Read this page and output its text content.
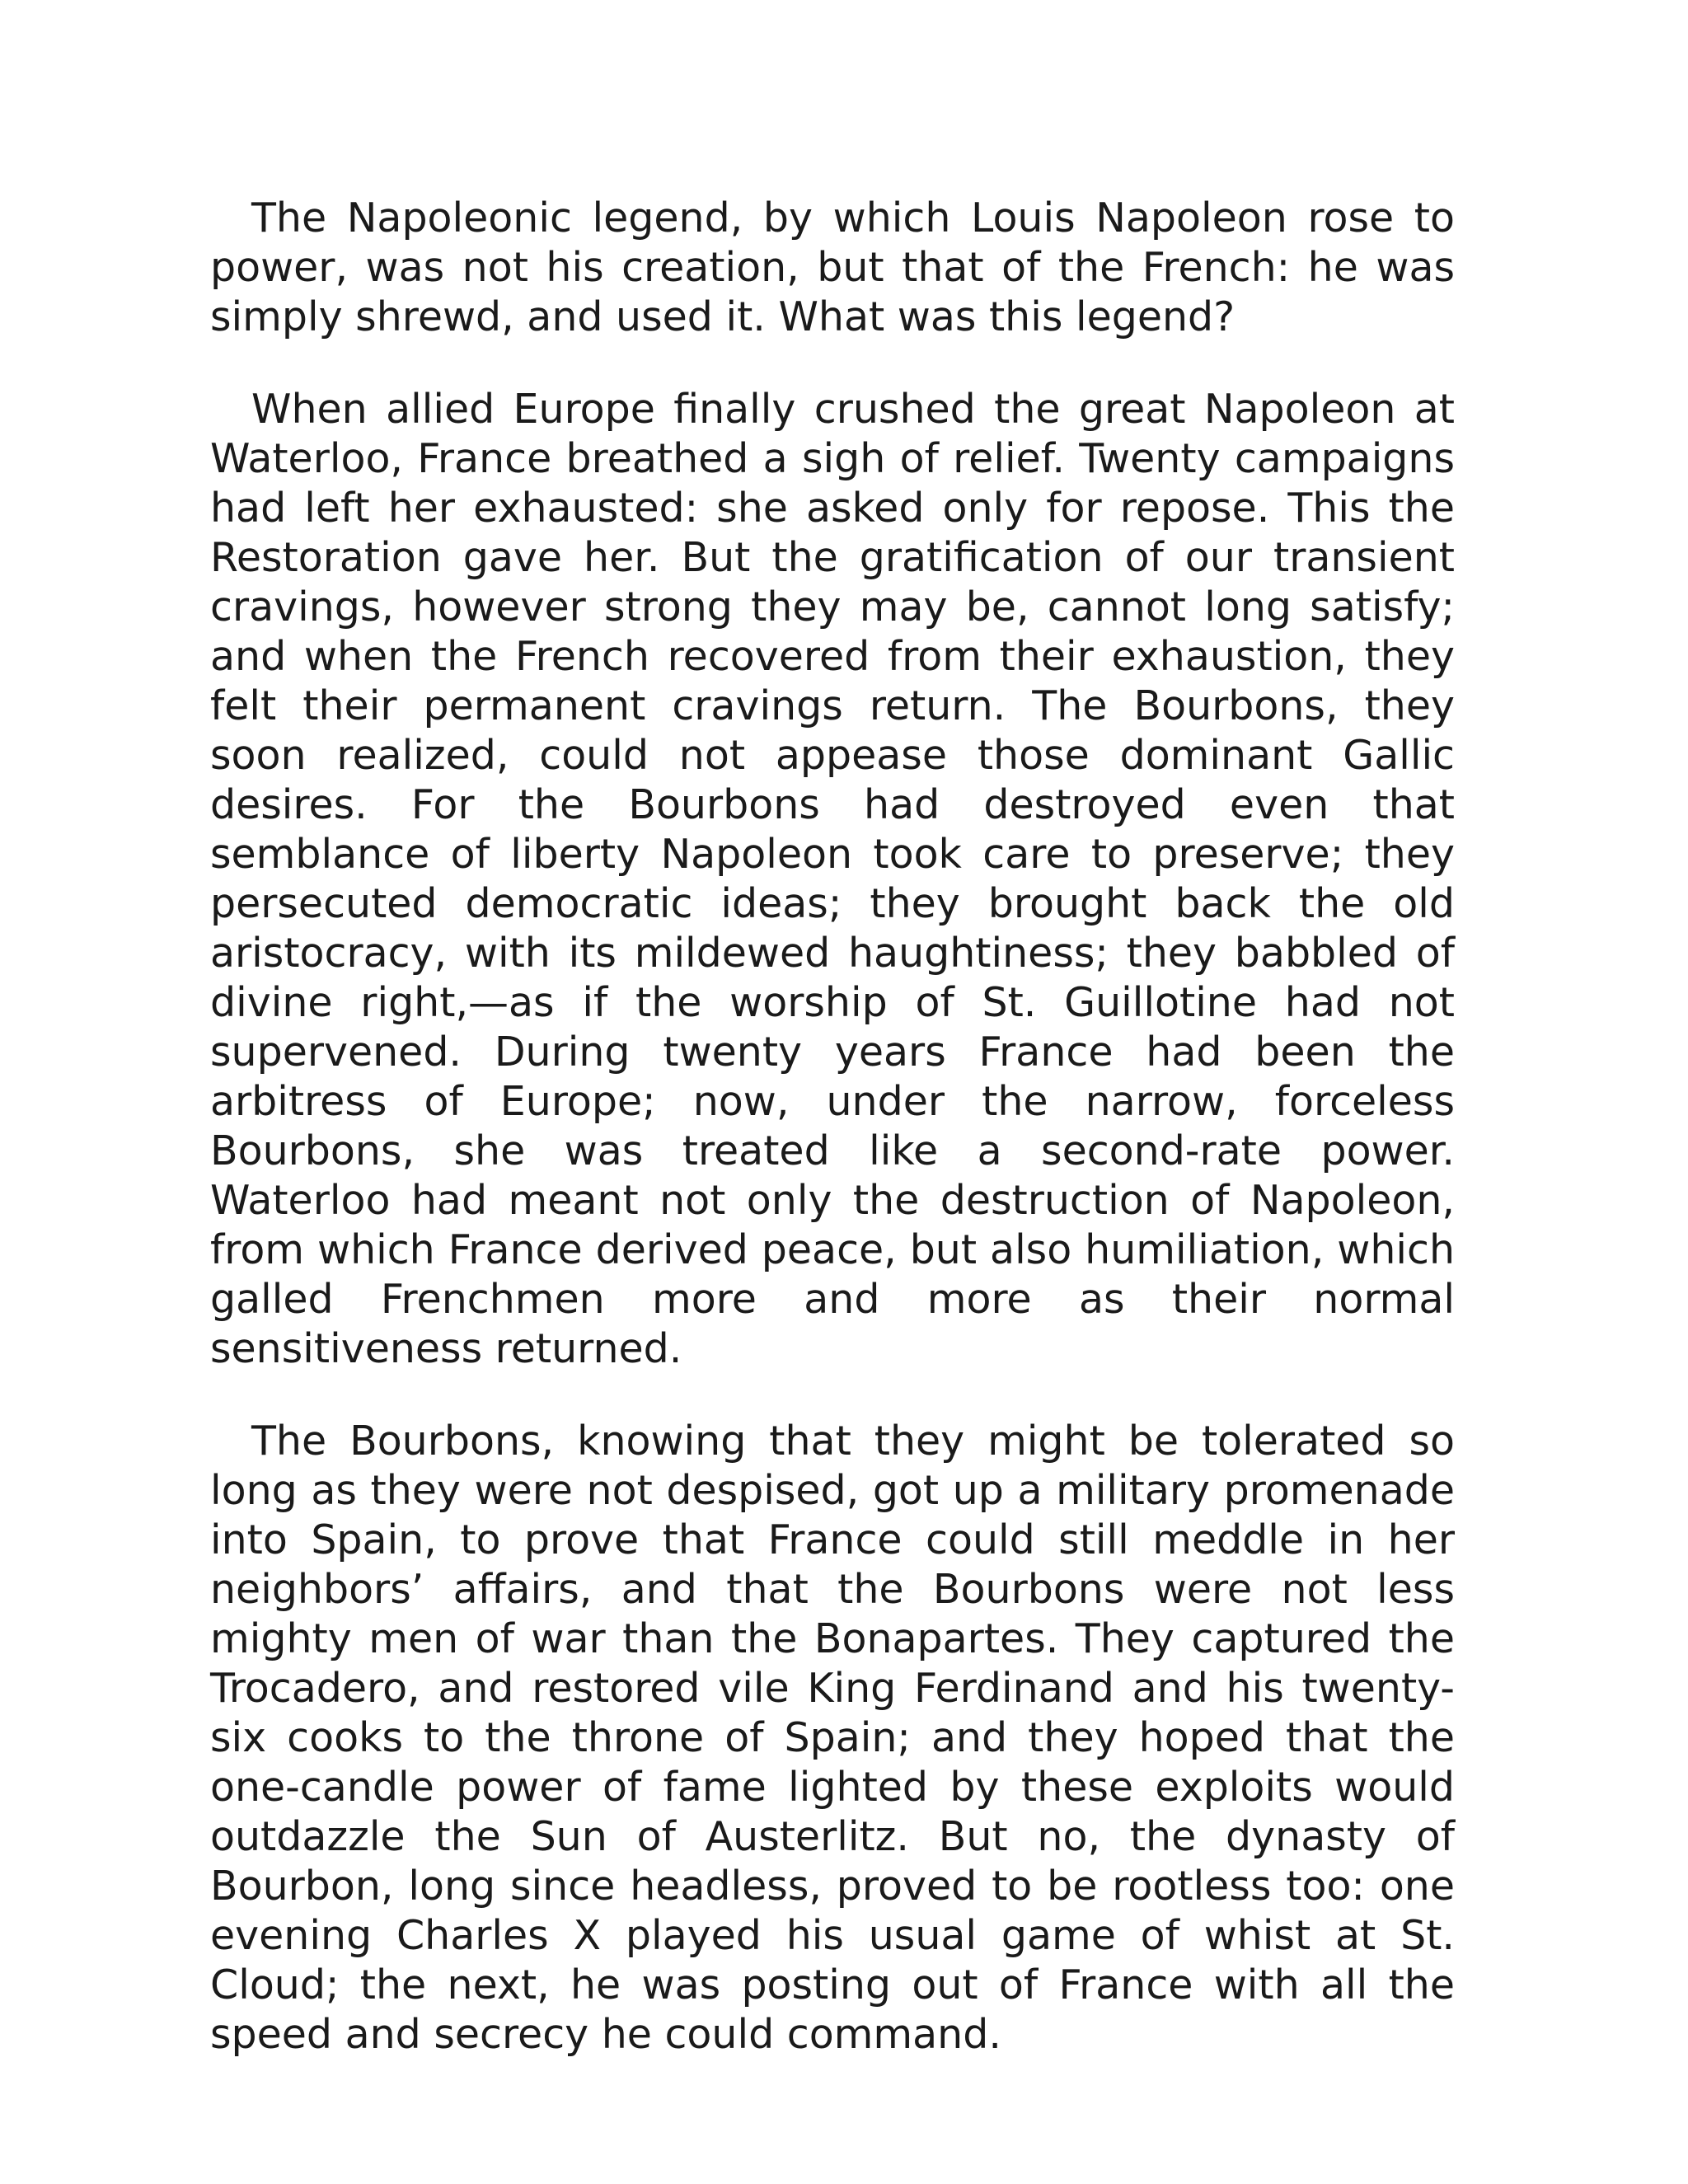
The Napoleonic legend, by which Louis Napoleon rose to power, was not his creation, but that of the French: he was simply shrewd, and used it. What was this legend?

When allied Europe finally crushed the great Napoleon at Waterloo, France breathed a sigh of relief. Twenty campaigns had left her exhausted: she asked only for repose. This the Restoration gave her. But the gratification of our transient cravings, however strong they may be, cannot long satisfy; and when the French recovered from their exhaustion, they felt their permanent cravings return. The Bourbons, they soon realized, could not appease those dominant Gallic desires. For the Bourbons had destroyed even that semblance of liberty Napoleon took care to preserve; they persecuted democratic ideas; they brought back the old aristocracy, with its mildewed haughtiness; they babbled of divine right,—as if the worship of St. Guillotine had not supervened. During twenty years France had been the arbitress of Europe; now, under the narrow, forceless Bourbons, she was treated like a second-rate power. Waterloo had meant not only the destruction of Napoleon, from which France derived peace, but also humiliation, which galled Frenchmen more and more as their normal sensitiveness returned.

The Bourbons, knowing that they might be tolerated so long as they were not despised, got up a military promenade into Spain, to prove that France could still meddle in her neighbors’ affairs, and that the Bourbons were not less mighty men of war than the Bonapartes. They captured the Trocadero, and restored vile King Ferdinand and his twenty-six cooks to the throne of Spain; and they hoped that the one-candle power of fame lighted by these exploits would outdazzle the Sun of Austerlitz. But no, the dynasty of Bourbon, long since headless, proved to be rootless too: one evening Charles X played his usual game of whist at St. Cloud; the next, he was posting out of France with all the speed and secrecy he could command.
